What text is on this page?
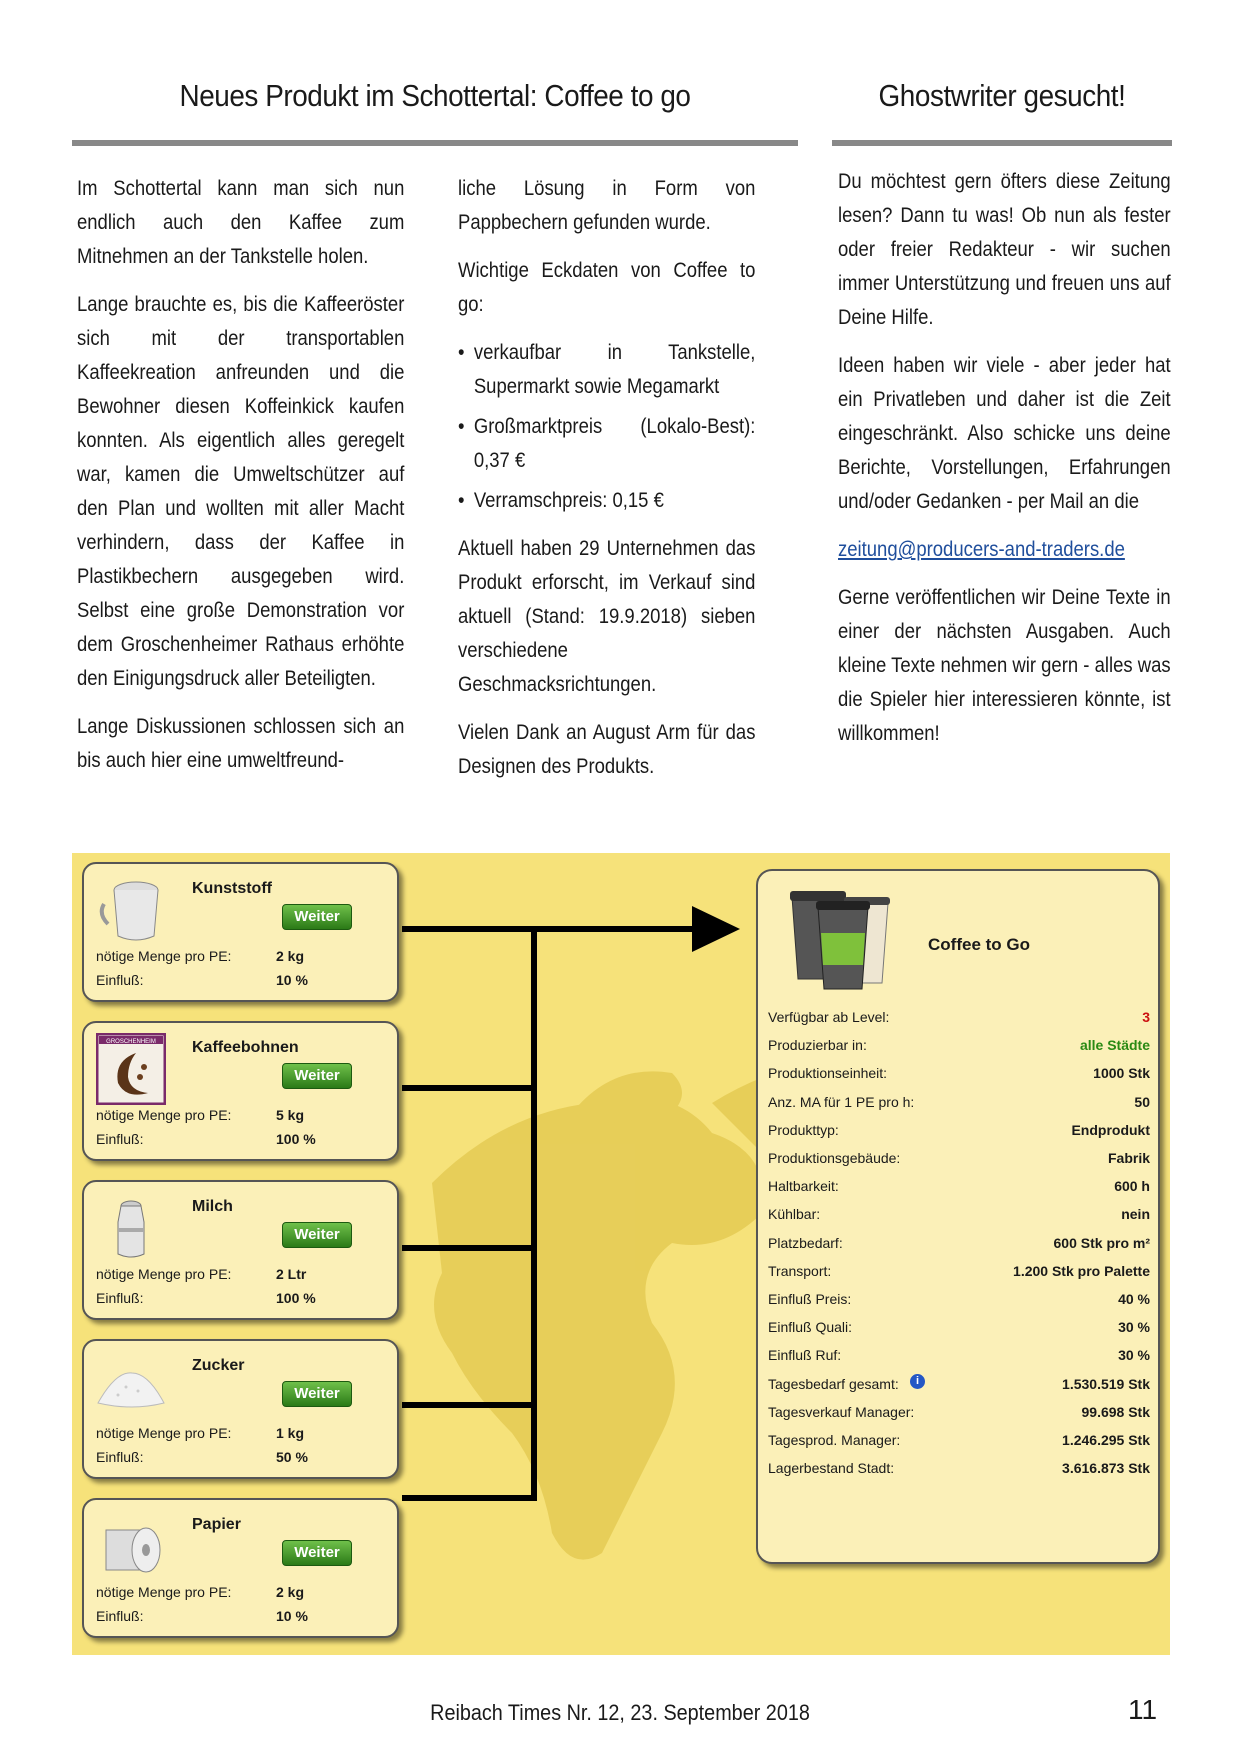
Neues Produkt im Schottertal: Coffee to go	Ghostwriter gesucht!

Im Schottertal kann man sich nun endlich auch den Kaffee zum Mitnehmen an der Tankstelle holen.

Lange brauchte es, bis die Kaffeeröster sich mit der transportablen Kaffeekreation anfreunden und die Bewohner diesen Koffeinkick kaufen konnten. Als eigentlich alles geregelt war, kamen die Umweltschützer auf den Plan und wollten mit aller Macht verhindern, dass der Kaffee in Plastikbechern ausgegeben wird. Selbst eine große Demonstration vor dem Groschenheimer Rathaus erhöhte den Einigungsdruck aller Beteiligten.

Lange Diskussionen schlossen sich an bis auch hier eine umweltfreund-

liche Lösung in Form von Pappbechern gefunden wurde.

Wichtige Eckdaten von Coffee to go:

• verkaufbar in Tankstelle, Supermarkt sowie Megamarkt
• Großmarktpreis (Lokalo-Best): 0,37 €
• Verramschpreis: 0,15 €

Aktuell haben 29 Unternehmen das Produkt erforscht, im Verkauf sind aktuell (Stand: 19.9.2018) sieben verschiedene Geschmacksrichtungen.

Vielen Dank an August Arm für das Designen des Produkts.

Du möchtest gern öfters diese Zeitung lesen? Dann tu was! Ob nun als fester oder freier Redakteur - wir suchen immer Unterstützung und freuen uns auf Deine Hilfe.

Ideen haben wir viele - aber jeder hat ein Privatleben und daher ist die Zeit eingeschränkt. Also schicke uns deine Berichte, Vorstellungen, Erfahrungen und/oder Gedanken - per Mail an die

zeitung@producers-and-traders.de

Gerne veröffentlichen wir Deine Texte in einer der nächsten Ausgaben. Auch kleine Texte nehmen wir gern - alles was die Spieler hier interessieren könnte, ist willkommen!

Kunststoff
Weiter
nötige Menge pro PE:	2 kg
Einfluß:	10 %
GROSCHENHEIM Kaffeebohnen
Weiter
nötige Menge pro PE:	5 kg
Einfluß:	100 %
Milch
Weiter
nötige Menge pro PE:	2 Ltr
Einfluß:	100 %
Zucker
Weiter
nötige Menge pro PE:	1 kg
Einfluß:	50 %
Papier
Weiter
nötige Menge pro PE:	2 kg
Einfluß:	10 %
Coffee to Go
Verfügbar ab Level:	3
Produzierbar in:	alle Städte
Produktionseinheit:	1000 Stk
Anz. MA für 1 PE pro h:	50
Produkttyp:	Endprodukt
Produktionsgebäude:	Fabrik
Haltbarkeit:	600 h
Kühlbar:	nein
Platzbedarf:	600 Stk pro m²
Transport:	1.200 Stk pro Palette
Einfluß Preis:	40 %
Einfluß Quali:	30 %
Einfluß Ruf:	30 %
Tagesbedarf gesamt:	i	1.530.519 Stk
Tagesverkauf Manager:	99.698 Stk
Tagesprod. Manager:	1.246.295 Stk
Lagerbestand Stadt:	3.616.873 Stk
Reibach Times Nr. 12, 23. September 2018	11
